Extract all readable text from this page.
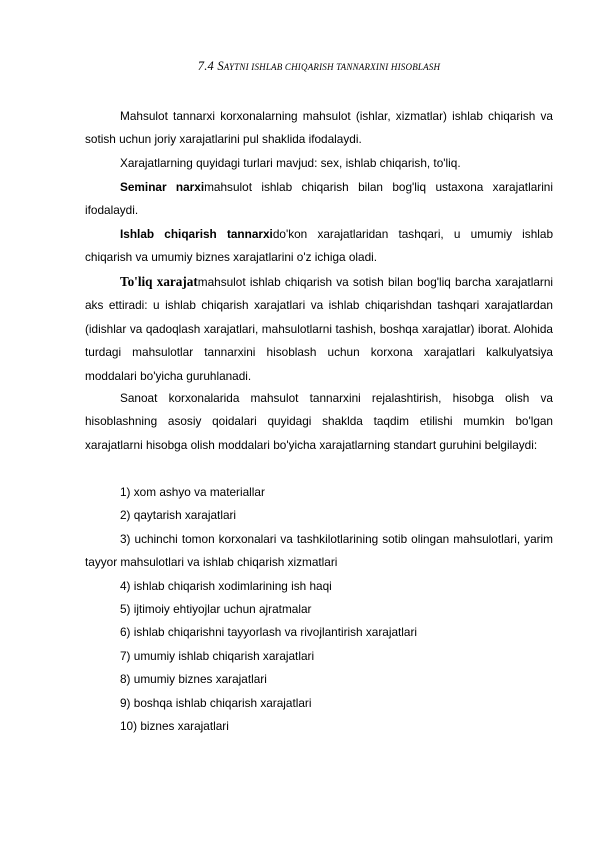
7.4 SAYTNI ISHLAB CHIQARISH TANNARXINI HISOBLASH
Mahsulot tannarxi korxonalarning mahsulot (ishlar, xizmatlar) ishlab chiqarish va sotish uchun joriy xarajatlarini pul shaklida ifodalaydi.
Xarajatlarning quyidagi turlari mavjud: sex, ishlab chiqarish, to'liq.
Seminar narximahsulot ishlab chiqarish bilan bog'liq ustaxona xarajatlarini ifodalaydi.
Ishlab chiqarish tannarxido'kon xarajatlaridan tashqari, u umumiy ishlab chiqarish va umumiy biznes xarajatlarini o'z ichiga oladi.
To'liq xarajatmahsulot ishlab chiqarish va sotish bilan bog'liq barcha xarajatlarni aks ettiradi: u ishlab chiqarish xarajatlari va ishlab chiqarishdan tashqari xarajatlardan (idishlar va qadoqlash xarajatlari, mahsulotlarni tashish, boshqa xarajatlar) iborat. Alohida turdagi mahsulotlar tannarxini hisoblash uchun korxona xarajatlari kalkulyatsiya moddalari bo'yicha guruhlanadi.
Sanoat korxonalarida mahsulot tannarxini rejalashtirish, hisobga olish va hisoblashning asosiy qoidalari quyidagi shaklda taqdim etilishi mumkin bo'lgan xarajatlarni hisobga olish moddalari bo'yicha xarajatlarning standart guruhini belgilaydi:
1) xom ashyo va materiallar
2) qaytarish xarajatlari
3) uchinchi tomon korxonalari va tashkilotlarining sotib olingan mahsulotlari, yarim tayyor mahsulotlari va ishlab chiqarish xizmatlari
4) ishlab chiqarish xodimlarining ish haqi
5) ijtimoiy ehtiyojlar uchun ajratmalar
6) ishlab chiqarishni tayyorlash va rivojlantirish xarajatlari
7) umumiy ishlab chiqarish xarajatlari
8) umumiy biznes xarajatlari
9) boshqa ishlab chiqarish xarajatlari
10) biznes xarajatlari
